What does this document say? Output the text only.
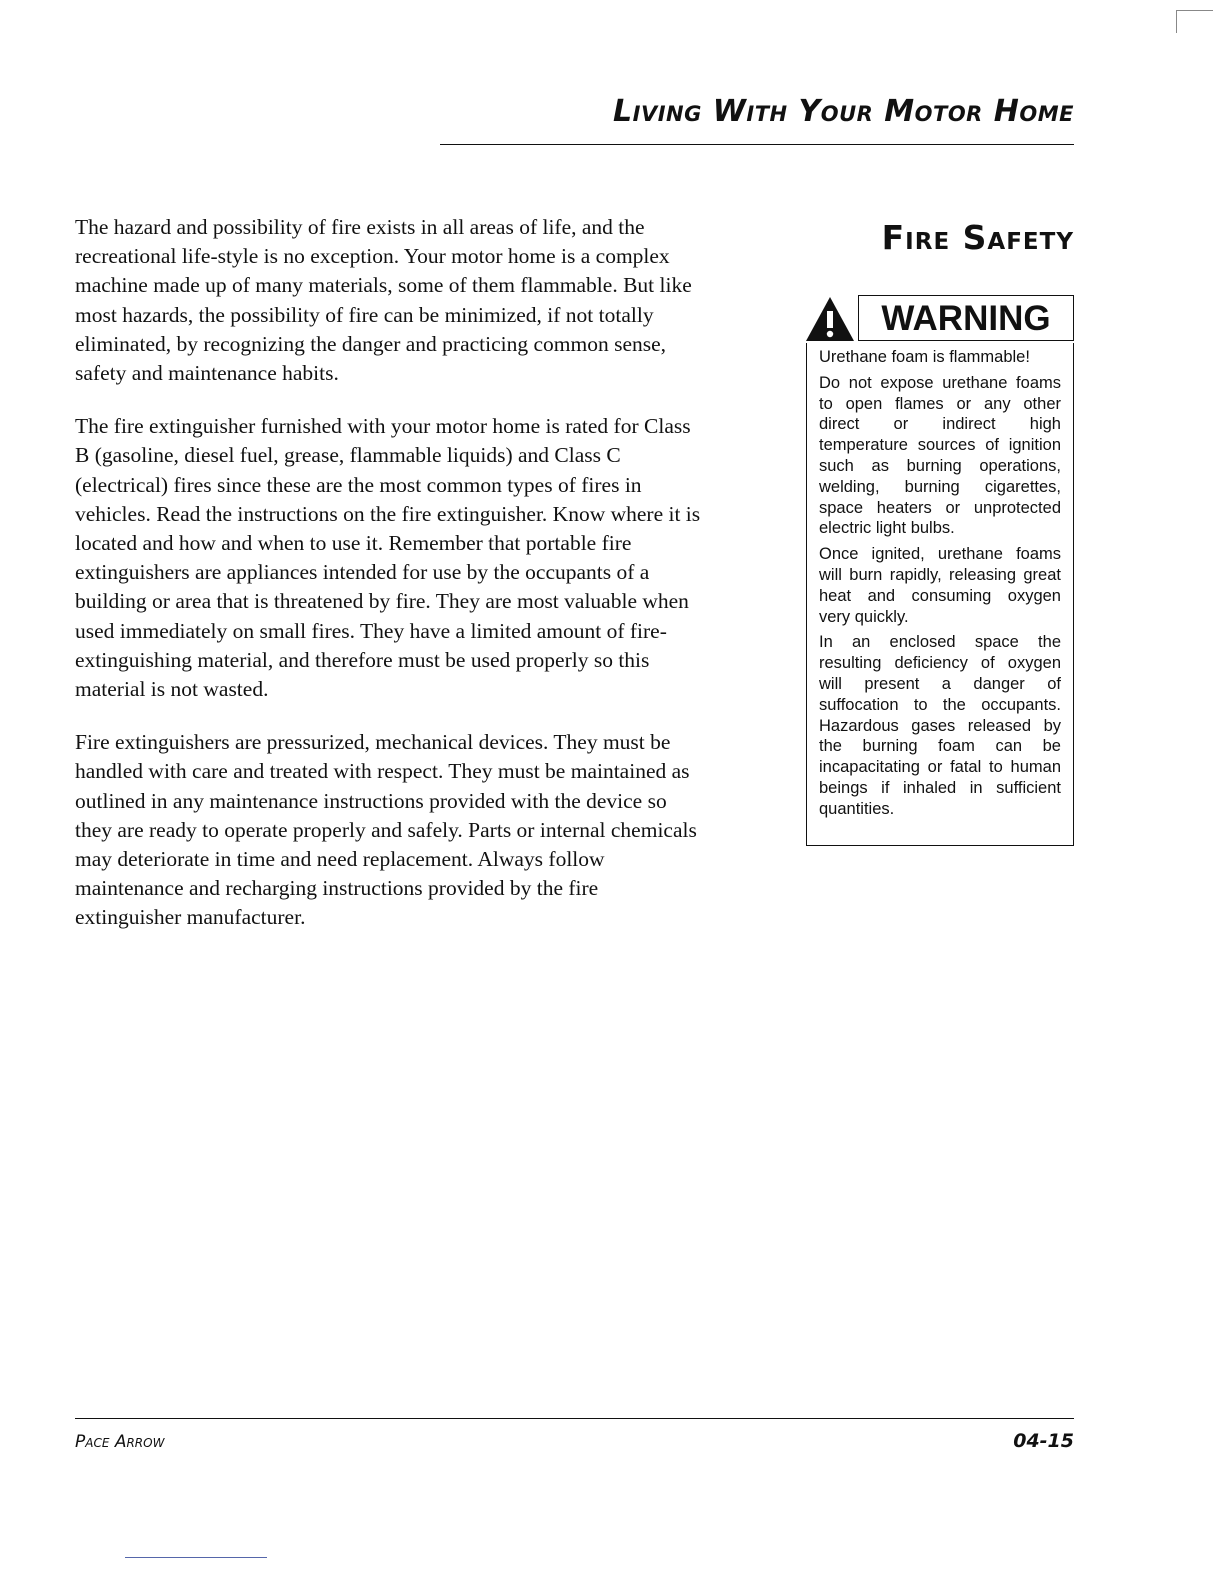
Living With Your Motor Home

The hazard and possibility of fire exists in all areas of life, and the recreational life-style is no exception. Your motor home is a complex machine made up of many materials, some of them flammable. But like most hazards, the possibility of fire can be minimized, if not totally eliminated, by recognizing the danger and practicing common sense, safety and maintenance habits.

The fire extinguisher furnished with your motor home is rated for Class B (gasoline, diesel fuel, grease, flammable liquids) and Class C (electrical) fires since these are the most common types of fires in vehicles. Read the instructions on the fire extinguisher. Know where it is located and how and when to use it. Remember that portable fire extinguishers are appliances intended for use by the occupants of a building or area that is threatened by fire. They are most valuable when used immediately on small fires. They have a limited amount of fire-extinguishing material, and therefore must be used properly so this material is not wasted.

Fire extinguishers are pressurized, mechanical devices. They must be handled with care and treated with respect. They must be maintained as outlined in any maintenance instructions provided with the device so they are ready to operate properly and safely. Parts or internal chemicals may deteriorate in time and need replacement. Always follow maintenance and recharging instructions provided by the fire extinguisher manufacturer.

Fire Safety
WARNING

Urethane foam is flammable!

Do not expose urethane foams to open flames or any other direct or indirect high temperature sources of ignition such as burning operations, welding, burning cigarettes, space heaters or unprotected electric light bulbs.

Once ignited, urethane foams will burn rapidly, releasing great heat and consuming oxygen very quickly.

In an enclosed space the resulting deficiency of oxygen will present a danger of suffocation to the occupants. Hazardous gases released by the burning foam can be incapacitating or fatal to human beings if inhaled in sufficient quantities.

Pace Arrow	04-15
